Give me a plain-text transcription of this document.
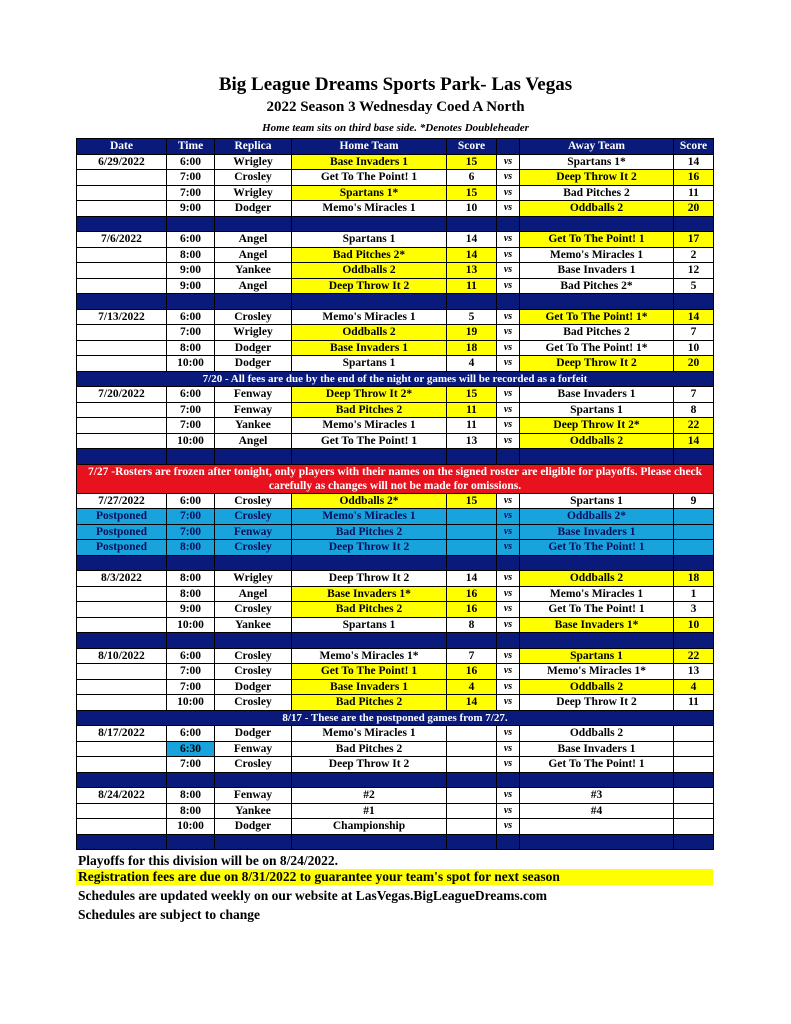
Big League Dreams Sports Park- Las Vegas
2022 Season 3 Wednesday Coed A North
Home team sits on third base side. *Denotes Doubleheader
Date	Time	Replica	Home Team	Score		Away Team	Score
6/29/2022	6:00	Wrigley	Base Invaders 1	15	vs	Spartans 1*	14
	7:00	Crosley	Get To The Point! 1	6	vs	Deep Throw It 2	16
	7:00	Wrigley	Spartans 1*	15	vs	Bad Pitches 2	11
	9:00	Dodger	Memo's Miracles 1	10	vs	Oddballs 2	20

7/6/2022	6:00	Angel	Spartans 1	14	vs	Get To The Point! 1	17
	8:00	Angel	Bad Pitches 2*	14	vs	Memo's Miracles 1	2
	9:00	Yankee	Oddballs 2	13	vs	Base Invaders 1	12
	9:00	Angel	Deep Throw It 2	11	vs	Bad Pitches 2*	5

7/13/2022	6:00	Crosley	Memo's Miracles 1	5	vs	Get To The Point! 1*	14
	7:00	Wrigley	Oddballs 2	19	vs	Bad Pitches 2	7
	8:00	Dodger	Base Invaders 1	18	vs	Get To The Point! 1*	10
	10:00	Dodger	Spartans 1	4	vs	Deep Throw It 2	20
7/20 - All fees are due by the end of the night or games will be recorded as a forfeit							
7/20/2022	6:00	Fenway	Deep Throw It 2*	15	vs	Base Invaders 1	7
	7:00	Fenway	Bad Pitches 2	11	vs	Spartans 1	8
	7:00	Yankee	Memo's Miracles 1	11	vs	Deep Throw It 2*	22
	10:00	Angel	Get To The Point! 1	13	vs	Oddballs 2	14

7/27 -Rosters are frozen after tonight, only players with their names on the signed roster are eligible for playoffs. Please check carefully as changes will not be made for omissions.							
7/27/2022	6:00	Crosley	Oddballs 2*	15	vs	Spartans 1	9
Postponed	7:00	Crosley	Memo's Miracles 1		vs	Oddballs 2*	
Postponed	7:00	Fenway	Bad Pitches 2		vs	Base Invaders 1	
Postponed	8:00	Crosley	Deep Throw It 2		vs	Get To The Point! 1	

8/3/2022	8:00	Wrigley	Deep Throw It 2	14	vs	Oddballs 2	18
	8:00	Angel	Base Invaders 1*	16	vs	Memo's Miracles 1	1
	9:00	Crosley	Bad Pitches 2	16	vs	Get To The Point! 1	3
	10:00	Yankee	Spartans 1	8	vs	Base Invaders 1*	10

8/10/2022	6:00	Crosley	Memo's Miracles 1*	7	vs	Spartans 1	22
	7:00	Crosley	Get To The Point! 1	16	vs	Memo's Miracles 1*	13
	7:00	Dodger	Base Invaders 1	4	vs	Oddballs 2	4
	10:00	Crosley	Bad Pitches 2	14	vs	Deep Throw It 2	11
8/17 - These are the postponed games from 7/27.							
8/17/2022	6:00	Dodger	Memo's Miracles 1		vs	Oddballs 2	
	6:30	Fenway	Bad Pitches 2		vs	Base Invaders 1	
	7:00	Crosley	Deep Throw It 2		vs	Get To The Point! 1	

8/24/2022	8:00	Fenway	#2		vs	#3	
	8:00	Yankee	#1		vs	#4	
	10:00	Dodger	Championship		vs		

Playoffs for this division will be on 8/24/2022.
Registration fees are due on 8/31/2022 to guarantee your team's spot for next season
Schedules are updated weekly on our website at LasVegas.BigLeagueDreams.com
Schedules are subject to change
